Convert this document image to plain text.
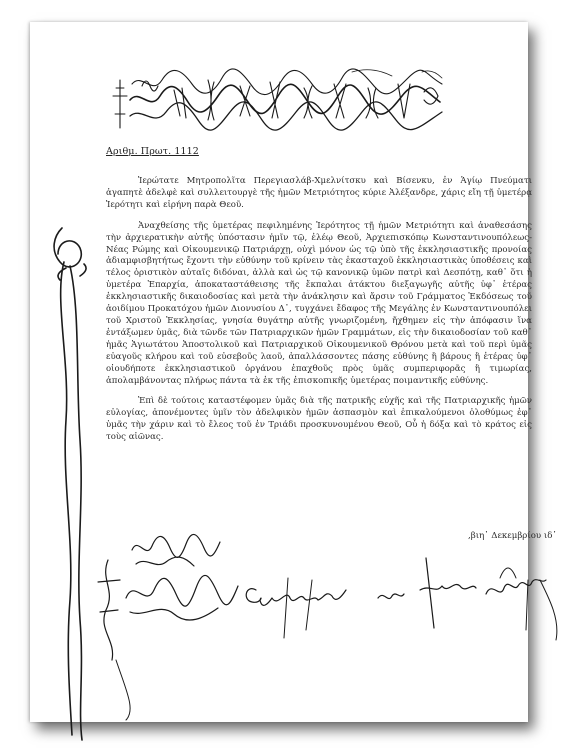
Αριθμ. Πρωτ. 1112

Ἱερώτατε Μητροπολῖτα Περεγιασλάβ-Χμελνίτσκυ καὶ Βίσενκυ, ἐν Ἁγίῳ Πνεύματι ἀγαπητὲ ἀδελφὲ καὶ συλλειτουργὲ τῆς ἡμῶν Μετριότητος κύριε Ἀλέξανδρε, χάρις εἴη τῇ ὑμετέρᾳ Ἱερότητι καὶ εἰρήνη παρὰ Θεοῦ.

Ἀναχθείσης τῆς ὑμετέρας πεφιλημένης Ἱερότητος τῇ ἡμῶν Μετριότητι καὶ ἀναθεσάσης τὴν ἀρχιερατικὴν αὐτῆς ὑπόστασιν ἡμῖν τῷ, ἐλέῳ Θεοῦ, Ἀρχιεπισκόπῳ Κωνσταντινουπόλεως-Νέας Ρώμης καὶ Οἰκουμενικῷ Πατριάρχῃ, οὐχὶ μόνον ὡς τῷ ὑπὸ τῆς ἐκκλησιαστικῆς προνοίας ἀδιαμφισβητήτως ἔχοντι τὴν εὐθύνην τοῦ κρίνειν τὰς ἑκασταχοῦ ἐκκλησιαστικὰς ὑποθέσεις καὶ τέλος ὁριστικὸν αὐταῖς διδόναι, ἀλλὰ καὶ ὡς τῷ κανονικῷ ὑμῶν πατρὶ καὶ Δεσπότῃ, καθ᾽ ὅτι ἡ ὑμετέρα Ἐπαρχία, ἀποκαταστάθεισης τῆς ἔκπαλαι ἀτάκτου διεξαγωγῆς αὐτῆς ὑφ᾽ ἑτέρας ἐκκλησιαστικῆς δικαιοδοσίας καὶ μετὰ τὴν ἀνάκλησιν καὶ ἄρσιν τοῦ Γράμματος Ἐκδόσεως τοῦ ἀοιδίμου Προκατόχου ἡμῶν Διονυσίου Δ᾽, τυγχάνει ἔδαφος τῆς Μεγάλης ἐν Κωνσταντινουπόλει τοῦ Χριστοῦ Ἐκκλησίας, γνησία θυγάτηρ αὐτῆς γνωριζομένη, ἤχθημεν εἰς τὴν ἀπόφασιν ἵνα ἐντάξωμεν ὑμᾶς, διὰ τῶνδε τῶν Πατριαρχικῶν ἡμῶν Γραμμάτων, εἰς τὴν δικαιοδοσίαν τοῦ καθ᾽ ἡμᾶς Ἁγιωτάτου Ἀποστολικοῦ καὶ Πατριαρχικοῦ Οἰκουμενικοῦ Θρόνου μετὰ καὶ τοῦ περὶ ὑμᾶς εὐαγοῦς κλήρου καὶ τοῦ εὐσεβοῦς λαοῦ, ἀπαλλάσσοντες πάσης εὐθύνης ἢ βάρους ἢ ἑτέρας ὑφ᾽ οἱουδήποτε ἐκκλησιαστικοῦ ὀργάνου ἐπαχθοῦς πρὸς ὑμᾶς συμπεριφορᾶς ἢ τιμωρίας, ἀπολαμβάνοντας πλήρως πάντα τὰ ἐκ τῆς ἐπισκοπικῆς ὑμετέρας ποιμαντικῆς εὐθύνης.

Ἐπὶ δὲ τούτοις καταστέφομεν ὑμᾶς διὰ τῆς πατρικῆς εὐχῆς καὶ τῆς Πατριαρχικῆς ἡμῶν εὐλογίας, ἀπονέμοντες ὑμῖν τὸν ἀδελφικὸν ἡμῶν ἀσπασμὸν καὶ ἐπικαλούμενοι ὁλοθύμως ἐφ᾽ ὑμᾶς τὴν χάριν καὶ τὸ ἔλεος τοῦ ἐν Τριάδι προσκυνουμένου Θεοῦ, Οὗ ἡ δόξα καὶ τὸ κράτος εἰς τοὺς αἰῶνας.

,βιη᾽ Δεκεμβρίου ιδ᾽
